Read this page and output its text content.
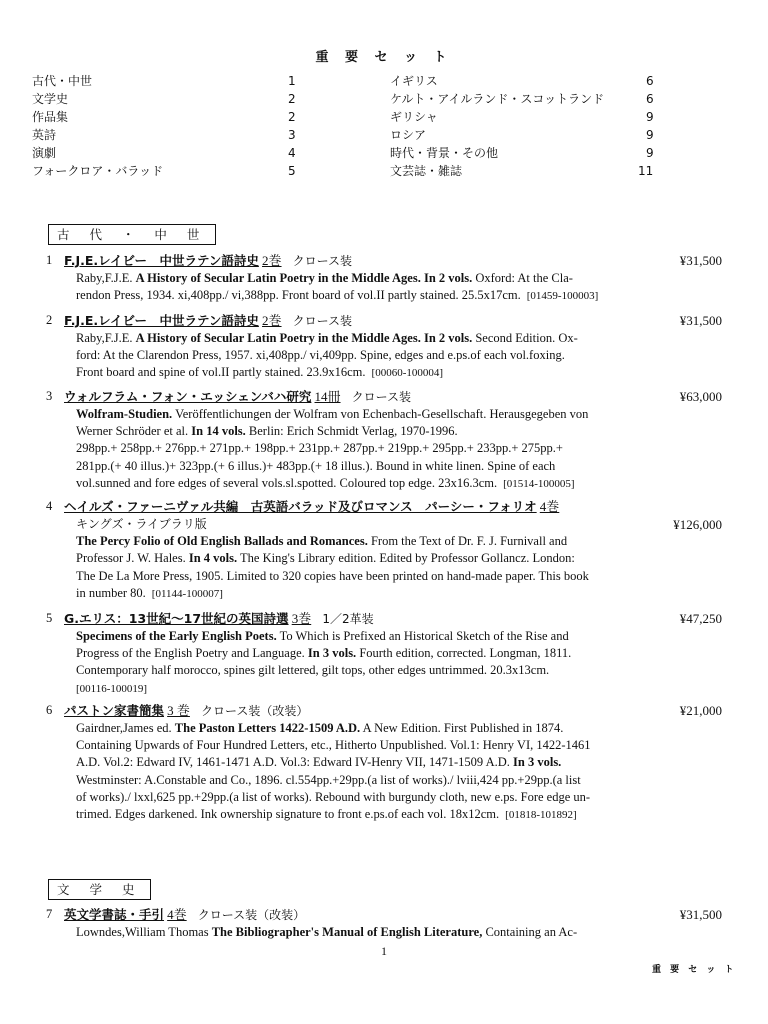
重 要 セ ッ ト
古代・中世	1
文学史	2
作品集	2
英詩	3
演劇	4
フォークロア・バラッド	5
イギリス	6
ケルト・アイルランド・スコットランド	6
ギリシャ	9
ロシア	9
時代・背景・その他	9
文芸誌・雑誌	11
古 代 ・ 中 世
1 F.J.E.レイビー　中世ラテン語詩史 2巻 クロース装	¥31,500
Raby,F.J.E. A History of Secular Latin Poetry in the Middle Ages. In 2 vols. Oxford: At the Cla-
rendon Press, 1934. xi,408pp./ vi,388pp. Front board of vol.II partly stained. 25.5x17cm. [01459-100003]
2 F.J.E.レイビー　中世ラテン語詩史 2巻 クロース装	¥31,500
Raby,F.J.E. A History of Secular Latin Poetry in the Middle Ages. In 2 vols. Second Edition. Ox-
ford: At the Clarendon Press, 1957. xi,408pp./ vi,409pp. Spine, edges and e.ps.of each vol.foxing.
Front board and spine of vol.II partly stained. 23.9x16cm. [00060-100004]
3 ウォルフラム・フォン・エッシェンバハ研究 14冊 クロース装	¥63,000
Wolfram-Studien. Veröffentlichungen der Wolfram von Echenbach-Gesellschaft. Herausgegeben von
Werner Schröder et al. In 14 vols. Berlin: Erich Schmidt Verlag, 1970-1996.
298pp.+ 258pp.+ 276pp.+ 271pp.+ 198pp.+ 231pp.+ 287pp.+ 219pp.+ 295pp.+ 233pp.+ 275pp.+
281pp.(+ 40 illus.)+ 323pp.(+ 6 illus.)+ 483pp.(+ 18 illus.). Bound in white linen. Spine of each
vol.sunned and fore edges of several vols.sl.spotted. Coloured top edge. 23x16.3cm. [01514-100005]
4 ヘイルズ・ファーニヴァル共編　古英語バラッド及びロマンス　パーシー・フォリオ 4巻
キングズ・ライブラリ版	¥126,000
The Percy Folio of Old English Ballads and Romances. From the Text of Dr. F. J. Furnivall and
Professor J. W. Hales. In 4 vols. The King's Library edition. Edited by Professor Gollancz. London:
The De La More Press, 1905. Limited to 320 copies have been printed on hand-made paper. This book
in number 80. [01144-100007]
5 G.エリス：13世紀～17世紀の英国詩選 3巻 1／2革装	¥47,250
Specimens of the Early English Poets. To Which is Prefixed an Historical Sketch of the Rise and
Progress of the English Poetry and Language. In 3 vols. Fourth edition, corrected. Longman, 1811.
Contemporary half morocco, spines gilt lettered, gilt tops, other edges untrimmed. 20.3x13cm.
[00116-100019]
6 パストン家書簡集 3 巻 クロース装（改装）	¥21,000
Gairdner,James ed. The Paston Letters 1422-1509 A.D. A New Edition. First Published in 1874.
Containing Upwards of Four Hundred Letters, etc., Hitherto Unpublished. Vol.1: Henry VI, 1422-1461
A.D. Vol.2: Edward IV, 1461-1471 A.D. Vol.3: Edward IV-Henry VII, 1471-1509 A.D. In 3 vols.
Westminster: A.Constable and Co., 1896. cl.554pp.+29pp.(a list of works)./ lviii,424 pp.+29pp.(a list
of works)./ lxxl,625 pp.+29pp.(a list of works). Rebound with burgundy cloth, new e.ps. Fore edge un-
trimed. Edges darkened. Ink ownership signature to front e.ps.of each vol. 18x12cm. [01818-101892]
文 学 史
7 英文学書誌・手引 4巻 クロース装（改装）	¥31,500
Lowndes,William Thomas The Bibliographer's Manual of English Literature, Containing an Ac-
1
重 要 セ ッ ト
